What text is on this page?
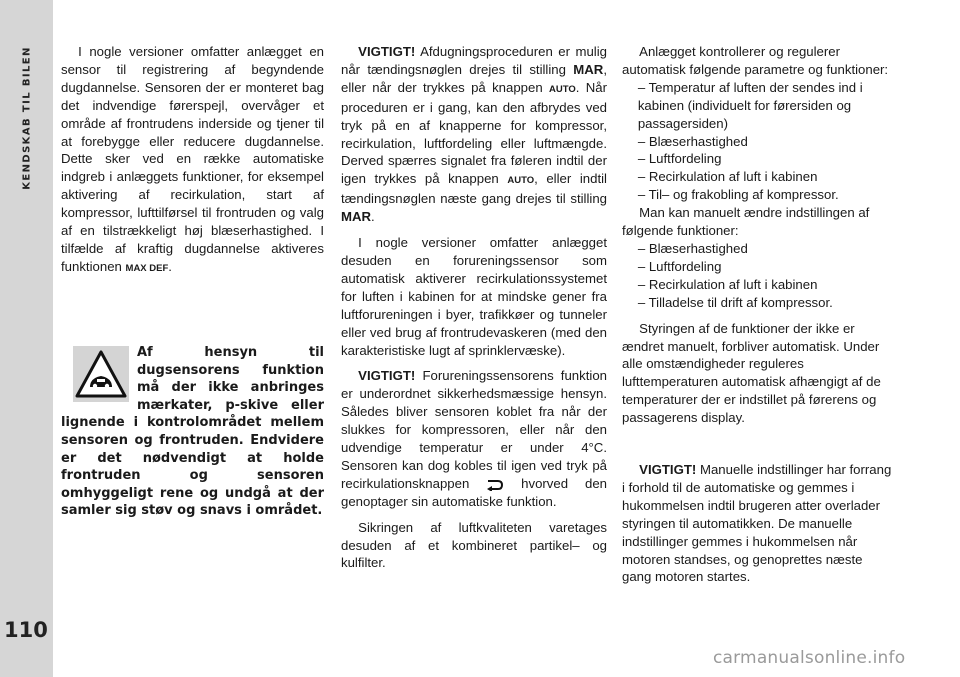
KENDSKAB TIL BILEN
110

I nogle versioner omfatter anlægget en sensor til registrering af begyndende dugdannelse. Sensoren der er monteret bag det indvendige førerspejl, overvåger et område af frontrudens inderside og tjener til at forebygge eller reducere dugdannelse. Dette sker ved en række automatiske indgreb i anlæggets funktioner, for eksempel aktivering af recirkulation, start af kompressor, lufttilførsel til frontruden og valg af en tilstrækkeligt høj blæserhastighed. I tilfælde af kraftig dugdannelse aktiveres funktionen MAX DEF.

Af hensyn til dugsensorens funktion må der ikke anbringes mærkater, p-skive eller lignende i kontrolområdet mellem sensoren og frontruden. Endvidere er det nødvendigt at holde frontruden og sensoren omhyggeligt rene og undgå at der samler sig støv og snavs i området.

VIGTIGT! Afdugningsproceduren er mulig når tændingsnøglen drejes til stilling MAR, eller når der trykkes på knappen AUTO. Når proceduren er i gang, kan den afbrydes ved tryk på en af knapperne for kompressor, recirkulation, luftfordeling eller luftmængde. Derved spærres signalet fra føleren indtil der igen trykkes på knappen AUTO, eller indtil tændingsnøglen næste gang drejes til stilling MAR.

I nogle versioner omfatter anlægget desuden en forureningssensor som automatisk aktiverer recirkulationssystemet for luften i kabinen for at mindske gener fra luftforureningen i byer, trafikkøer og tunneler eller ved brug af frontrudevaskeren (med den karakteristiske lugt af sprinklervæske).

VIGTIGT! Forureningssensorens funktion er underordnet sikkerhedsmæssige hensyn. Således bliver sensoren koblet fra når der slukkes for kompressoren, eller når den udvendige temperatur er under 4°C. Sensoren kan dog kobles til igen ved tryk på recirkulationsknappen  hvorved den genoptager sin automatiske funktion.

Sikringen af luftkvaliteten varetages desuden af et kombineret partikel– og kulfilter.

Anlægget kontrollerer og regulerer automatisk følgende parametre og funktioner:

– Temperatur af luften der sendes ind i kabinen (individuelt for førersiden og passagersiden)

– Blæserhastighed

– Luftfordeling

– Recirkulation af luft i kabinen

– Til– og frakobling af kompressor.

Man kan manuelt ændre indstillingen af følgende funktioner:

– Blæserhastighed

– Luftfordeling

– Recirkulation af luft i kabinen

– Tilladelse til drift af kompressor.

Styringen af de funktioner der ikke er ændret manuelt, forbliver automatisk. Under alle omstændigheder reguleres lufttemperaturen automatisk afhængigt af de temperaturer der er indstillet på førerens og passagerens display.

VIGTIGT! Manuelle indstillinger har forrang i forhold til de automatiske og gemmes i hukommelsen indtil brugeren atter overlader styringen til automatikken. De manuelle indstillinger gemmes i hukommelsen når motoren standses, og genoprettes næste gang motoren startes.

carmanualsonline.info
